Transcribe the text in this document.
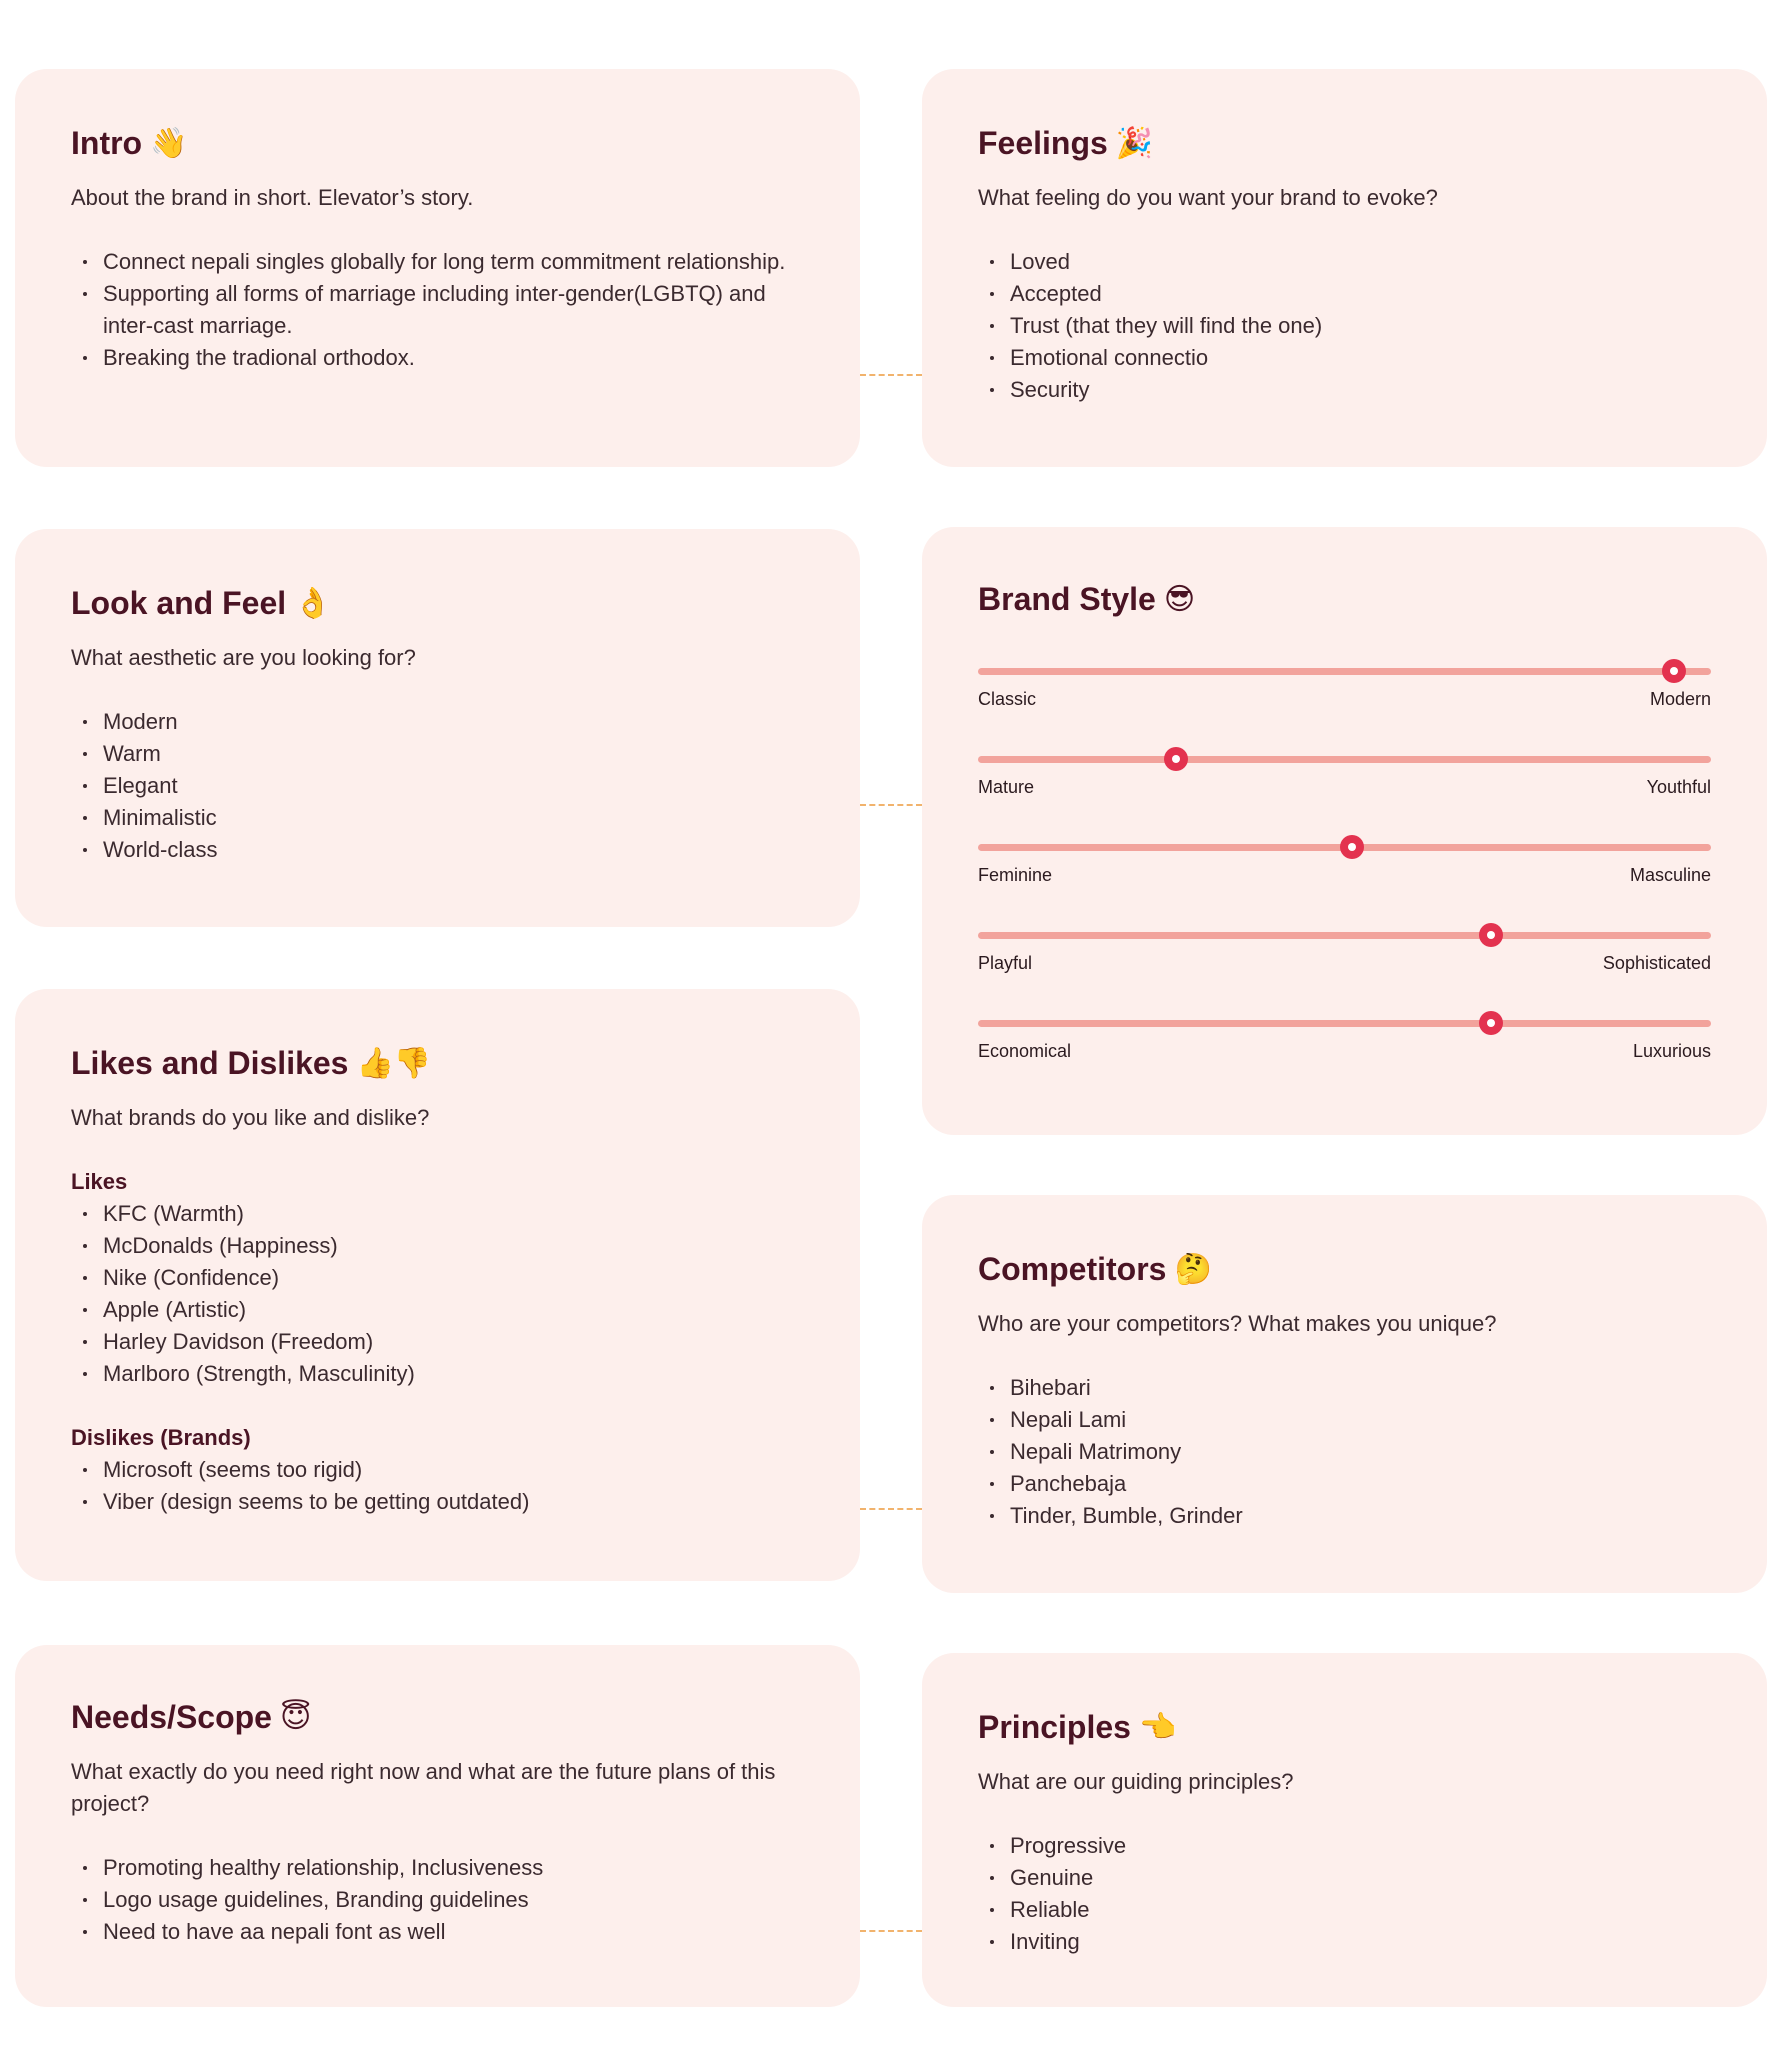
Intro 👋

About the brand in short. Elevator’s story.

Connect nepali singles globally for long term commitment relationship.
Supporting all forms of marriage including inter-gender(LGBTQ) and inter-cast marriage.
Breaking the tradional orthodox.
Feelings 🎉

What feeling do you want your brand to evoke?

Loved
Accepted
Trust (that they will find the one)
Emotional connectio
Security
Look and Feel 👌

What aesthetic are you looking for?

Modern
Warm
Elegant
Minimalistic
World-class
Brand Style 😎
Classic	Modern
Mature	Youthful
Feminine	Masculine
Playful	Sophisticated
Economical	Luxurious
Likes and Dislikes 👍👎

What brands do you like and dislike?

Likes
KFC (Warmth)
McDonalds (Happiness)
Nike (Confidence)
Apple (Artistic)
Harley Davidson (Freedom)
Marlboro (Strength, Masculinity)
Dislikes (Brands)
Microsoft (seems too rigid)
Viber (design seems to be getting outdated)
Competitors 🤔

Who are your competitors? What makes you unique?

Bihebari
Nepali Lami
Nepali Matrimony
Panchebaja
Tinder, Bumble, Grinder
Needs/Scope 😇

What exactly do you need right now and what are the future plans of this project?

Promoting healthy relationship, Inclusiveness
Logo usage guidelines, Branding guidelines
Need to have aa nepali font as well
Principles 👈

What are our guiding principles?

Progressive
Genuine
Reliable
Inviting
